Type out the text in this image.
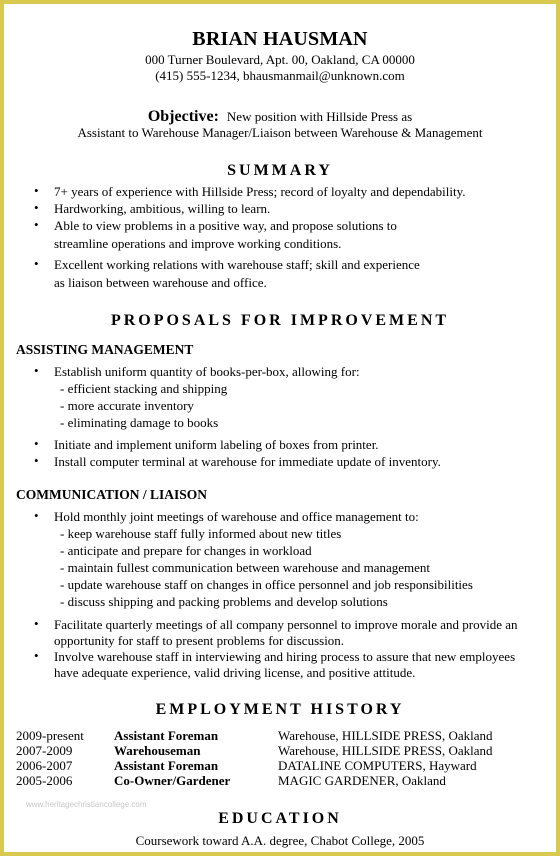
BRIAN HAUSMAN
000 Turner Boulevard, Apt. 00, Oakland, CA 00000
(415) 555-1234, bhausmanmail@unknown.com
Objective: New position with Hillside Press as
Assistant to Warehouse Manager/Liaison between Warehouse & Management
SUMMARY
• 7+ years of experience with Hillside Press; record of loyalty and dependability.
• Hardworking, ambitious, willing to learn.
• Able to view problems in a positive way, and propose solutions to
streamline operations and improve working conditions.
• Excellent working relations with warehouse staff; skill and experience
as liaison between warehouse and office.
PROPOSALS FOR IMPROVEMENT
ASSISTING MANAGEMENT
• Establish uniform quantity of books-per-box, allowing for:
- efficient stacking and shipping
- more accurate inventory
- eliminating damage to books
• Initiate and implement uniform labeling of boxes from printer.
• Install computer terminal at warehouse for immediate update of inventory.
COMMUNICATION / LIAISON
• Hold monthly joint meetings of warehouse and office management to:
- keep warehouse staff fully informed about new titles
- anticipate and prepare for changes in workload
- maintain fullest communication between warehouse and management
- update warehouse staff on changes in office personnel and job responsibilities
- discuss shipping and packing problems and develop solutions
• Facilitate quarterly meetings of all company personnel to improve morale and provide an
opportunity for staff to present problems for discussion.
• Involve warehouse staff in interviewing and hiring process to assure that new employees
have adequate experience, valid driving license, and positive attitude.
EMPLOYMENT HISTORY
2009-present Assistant Foreman	Warehouse, HILLSIDE PRESS, Oakland
2007-2009	Warehouseman	Warehouse, HILLSIDE PRESS, Oakland
2006-2007	Assistant Foreman	DATALINE COMPUTERS, Hayward
2005-2006	Co-Owner/Gardener	MAGIC GARDENER, Oakland
www.heritagechristiancollege.com
EDUCATION
Coursework toward A.A. degree, Chabot College, 2005
